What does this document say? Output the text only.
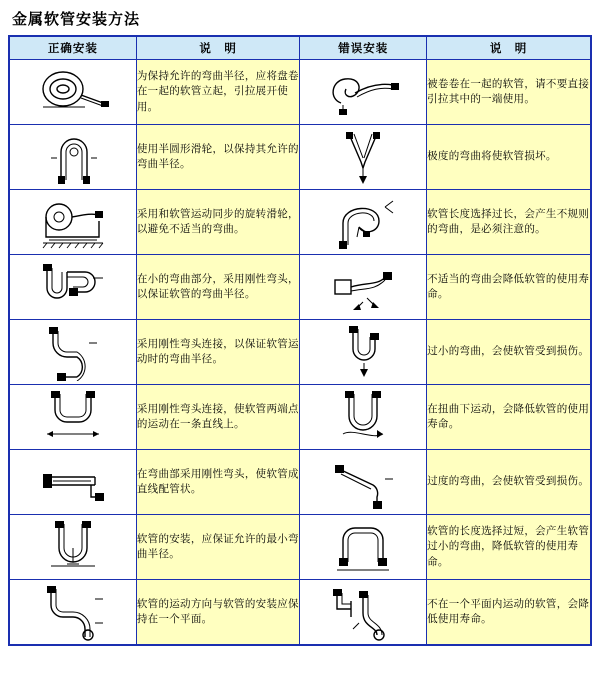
金属软管安装方法
正确安装	说　明	错误安装	说　明

	为保持允许的弯曲半径，应将盘卷在一起的软管立起，引拉展开使用。		被卷卷在一起的软管，请不要直接引拉其中的一端使用。

	使用半圆形滑轮，以保持其允许的弯曲半径。		极度的弯曲将使软管损坏。

	采用和软管运动同步的旋转滑轮，以避免不适当的弯曲。		软管长度选择过长，会产生不规则的弯曲，是必须注意的。

	在小的弯曲部分，采用刚性弯头，以保证软管的弯曲半径。		不适当的弯曲会降低软管的使用寿命。

	采用刚性弯头连接，以保证软管运动时的弯曲半径。		过小的弯曲，会使软管受到损伤。

	采用刚性弯头连接，使软管两端点的运动在一条直线上。		在扭曲下运动，会降低软管的使用寿命。

	在弯曲部采用刚性弯头，使软管成直线配管状。		过度的弯曲，会使软管受到损伤。

	软管的安装，应保证允许的最小弯曲半径。		软管的长度选择过短，会产生软管过小的弯曲，降低软管的使用寿命。

	软管的运动方向与软管的安装应保持在一个平面。		不在一个平面内运动的软管，会降低使用寿命。
